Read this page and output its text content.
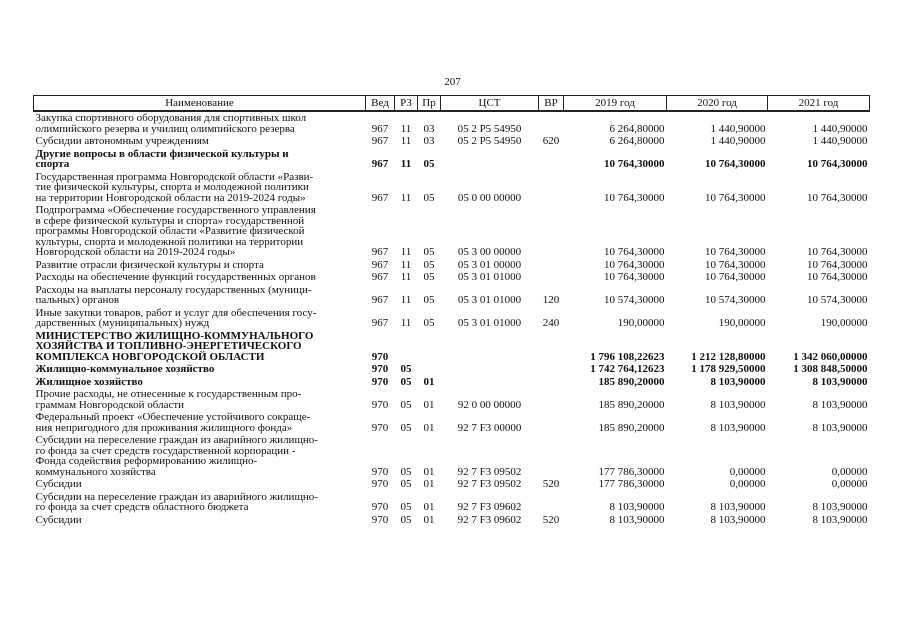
207
Наименование	Вед	РЗ	Пр	ЦСТ	ВР	2019 год	2020 год	2021 год
Закупка спортивного оборудования для спортивных школ
олимпийского резерва и училищ олимпийского резерва	967	11	03	05 2 P5 54950		6 264,80000	1 440,90000	1 440,90000
Субсидии автономным учреждениям	967	11	03	05 2 P5 54950	620	6 264,80000	1 440,90000	1 440,90000
Другие вопросы в области физической культуры и
спорта	967	11	05			10 764,30000	10 764,30000	10 764,30000
Государственная программа Новгородской области «Разви-
тие физической культуры, спорта и молодежной политики
на территории Новгородской области на 2019-2024 годы»	967	11	05	05 0 00 00000		10 764,30000	10 764,30000	10 764,30000
Подпрограмма «Обеспечение государственного управления
в сфере физической культуры и спорта» государственной
программы Новгородской области «Развитие физической
культуры, спорта и молодежной политики на территории
Новгородской области на 2019-2024 годы»	967	11	05	05 3 00 00000		10 764,30000	10 764,30000	10 764,30000
Развитие отрасли физической культуры и спорта	967	11	05	05 3 01 00000		10 764,30000	10 764,30000	10 764,30000
Расходы на обеспечение функций государственных органов	967	11	05	05 3 01 01000		10 764,30000	10 764,30000	10 764,30000
Расходы на выплаты персоналу государственных (муници-
пальных) органов	967	11	05	05 3 01 01000	120	10 574,30000	10 574,30000	10 574,30000
Иные закупки товаров, работ и услуг для обеспечения госу-
дарственных (муниципальных) нужд	967	11	05	05 3 01 01000	240	190,00000	190,00000	190,00000
МИНИСТЕРСТВО ЖИЛИЩНО-КОММУНАЛЬНОГО
ХОЗЯЙСТВА И ТОПЛИВНО-ЭНЕРГЕТИЧЕСКОГО
КОМПЛЕКСА НОВГОРОДСКОЙ ОБЛАСТИ	970					1 796 108,22623	1 212 128,80000	1 342 060,00000
Жилищно-коммунальное хозяйство	970	05				1 742 764,12623	1 178 929,50000	1 308 848,50000
Жилищное хозяйство	970	05	01			185 890,20000	8 103,90000	8 103,90000
Прочие расходы, не отнесенные к государственным про-
граммам Новгородской области	970	05	01	92 0 00 00000		185 890,20000	8 103,90000	8 103,90000
Федеральный проект «Обеспечение устойчивого сокраще-
ния непригодного для проживания жилищного фонда»	970	05	01	92 7 F3 00000		185 890,20000	8 103,90000	8 103,90000
Субсидии на переселение граждан из аварийного жилищно-
го фонда за счет средств государственной корпорации -
Фонда содействия реформированию жилищно-
коммунального хозяйства	970	05	01	92 7 F3 09502		177 786,30000	0,00000	0,00000
Субсидии	970	05	01	92 7 F3 09502	520	177 786,30000	0,00000	0,00000
Субсидии на переселение граждан из аварийного жилищно-
го фонда за счет средств областного бюджета	970	05	01	92 7 F3 09602		8 103,90000	8 103,90000	8 103,90000
Субсидии	970	05	01	92 7 F3 09602	520	8 103,90000	8 103,90000	8 103,90000
